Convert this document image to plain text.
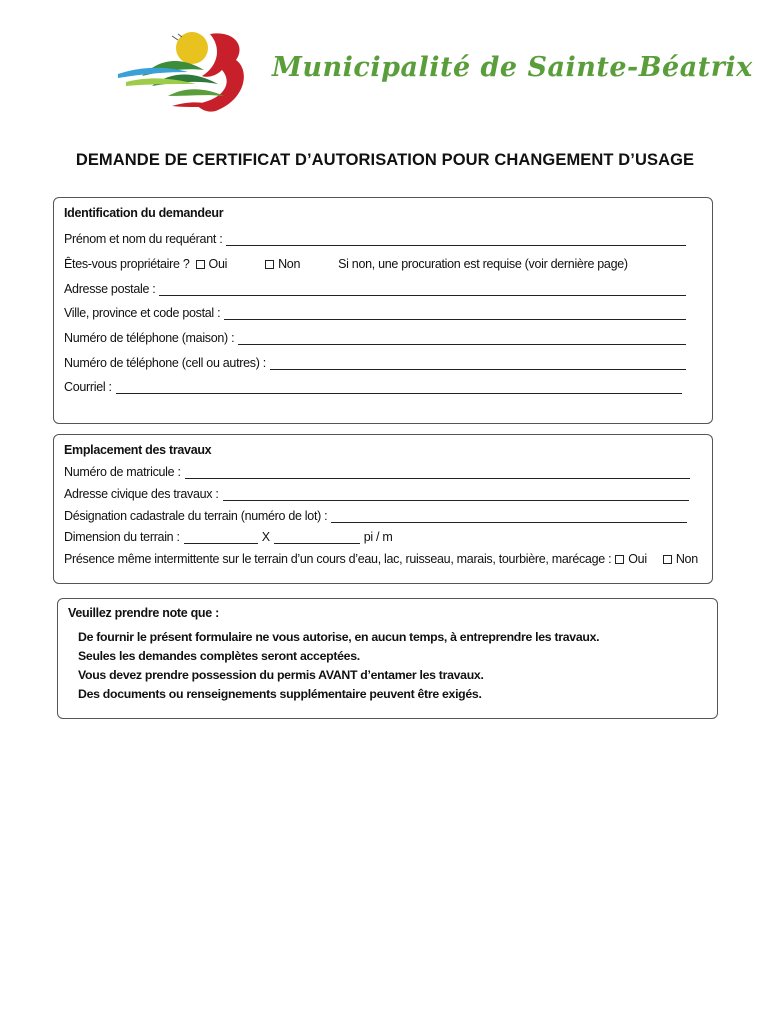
Municipalité de Sainte-Béatrix
DEMANDE DE CERTIFICAT D’AUTORISATION POUR CHANGEMENT D’USAGE
Identification du demandeur
Prénom et nom du requérant :
Êtes-vous propriétaire ? Oui	Non	Si non, une procuration est requise (voir dernière page)
Adresse postale :
Ville, province et code postal :
Numéro de téléphone (maison) :
Numéro de téléphone (cell ou autres) :
Courriel :
Emplacement des travaux
Numéro de matricule :
Adresse civique des travaux :
Désignation cadastrale du terrain (numéro de lot) :
Dimension du terrain :	X	pi / m
Présence même intermittente sur le terrain d’un cours d’eau, lac, ruisseau, marais, tourbière, marécage : Oui Non
Veuillez prendre note que :
De fournir le présent formulaire ne vous autorise, en aucun temps, à entreprendre les travaux.
Seules les demandes complètes seront acceptées.
Vous devez prendre possession du permis AVANT d’entamer les travaux.
Des documents ou renseignements supplémentaire peuvent être exigés.
